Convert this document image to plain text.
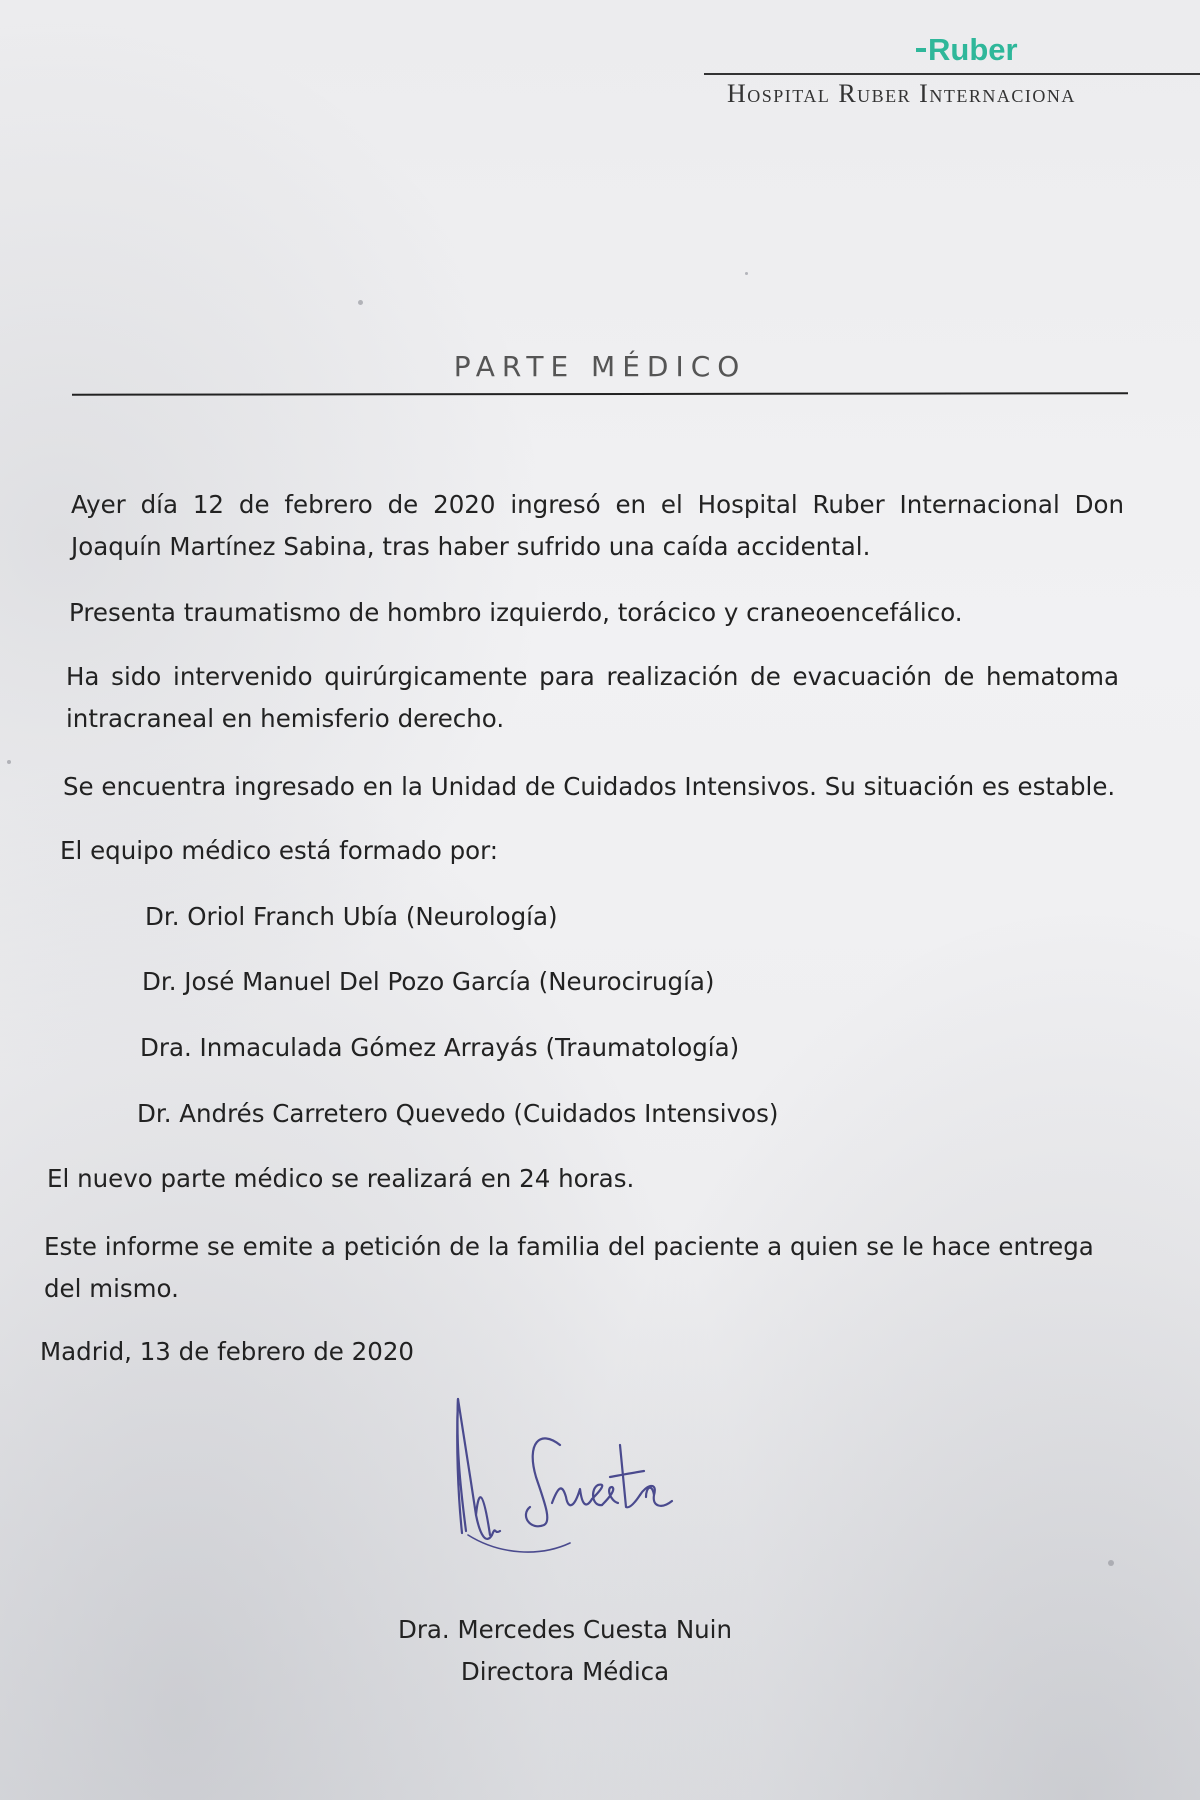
Ruber
Hospital Ruber Internaciona
PARTE MÉDICO

Ayer día 12 de febrero de 2020 ingresó en el Hospital Ruber Internacional Don Joaquín Martínez Sabina, tras haber sufrido una caída accidental.

Presenta traumatismo de hombro izquierdo, torácico y craneoencefálico.

Ha sido intervenido quirúrgicamente para realización de evacuación de hematoma intracraneal en hemisferio derecho.

Se encuentra ingresado en la Unidad de Cuidados Intensivos. Su situación es estable.

El equipo médico está formado por:

Dr. Oriol Franch Ubía (Neurología)

Dr. José Manuel Del Pozo García (Neurocirugía)

Dra. Inmaculada Gómez Arrayás (Traumatología)

Dr. Andrés Carretero Quevedo (Cuidados Intensivos)

El nuevo parte médico se realizará en 24 horas.

Este informe se emite a petición de la familia del paciente a quien se le hace entrega del mismo.

Madrid, 13 de febrero de 2020

Dra. Mercedes Cuesta Nuin
Directora Médica
